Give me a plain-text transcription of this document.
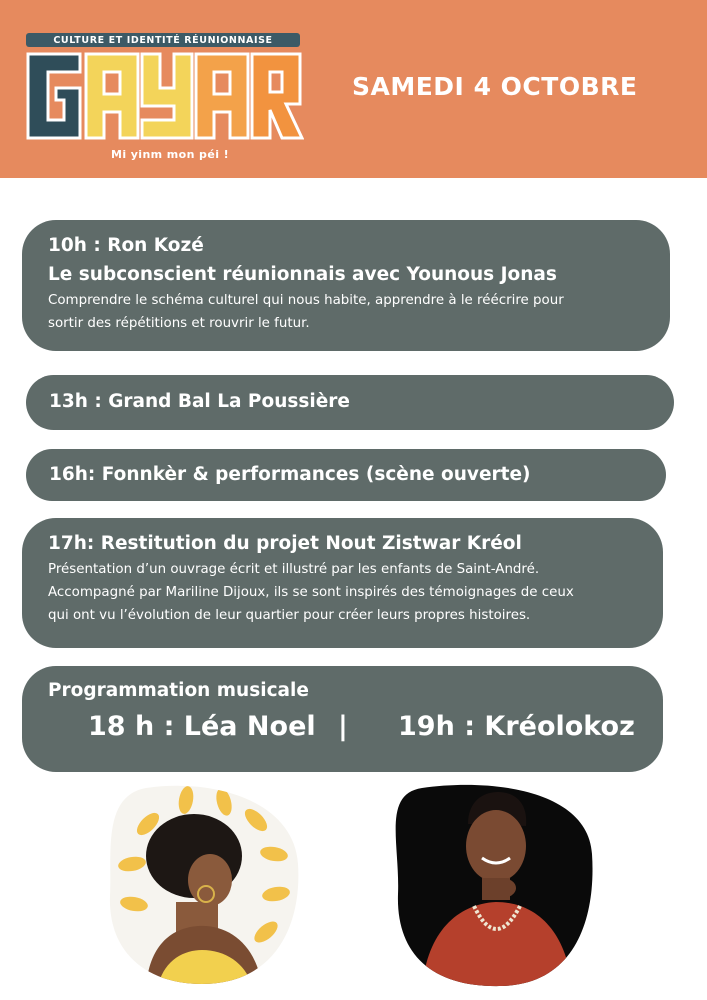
CULTURE ET IDENTITÉ RÉUNIONNAISE
Mi yinm mon péi !
SAMEDI 4 OCTOBRE
10h : Ron Kozé
Le subconscient réunionnais avec Younous Jonas
Comprendre le schéma culturel qui nous habite, apprendre à le réécrire pour
sortir des répétitions et rouvrir le futur.
13h : Grand Bal La Poussière
16h: Fonnkèr & performances (scène ouverte)
17h: Restitution du projet Nout Zistwar Kréol
Présentation d’un ouvrage écrit et illustré par les enfants de Saint-André.
Accompagné par Mariline Dijoux, ils se sont inspirés des témoignages de ceux
qui ont vu l’évolution de leur quartier pour créer leurs propres histoires.
Programmation musicale
18 h : Léa Noel | 19h : Kréolokoz
